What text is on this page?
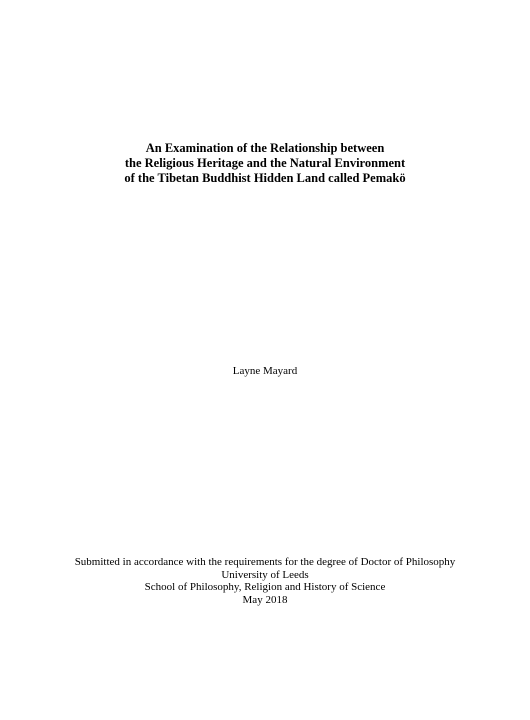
An Examination of the Relationship between
the Religious Heritage and the Natural Environment
of the Tibetan Buddhist Hidden Land called Pemakö
Layne Mayard
Submitted in accordance with the requirements for the degree of Doctor of Philosophy
University of Leeds
School of Philosophy, Religion and History of Science
May 2018
